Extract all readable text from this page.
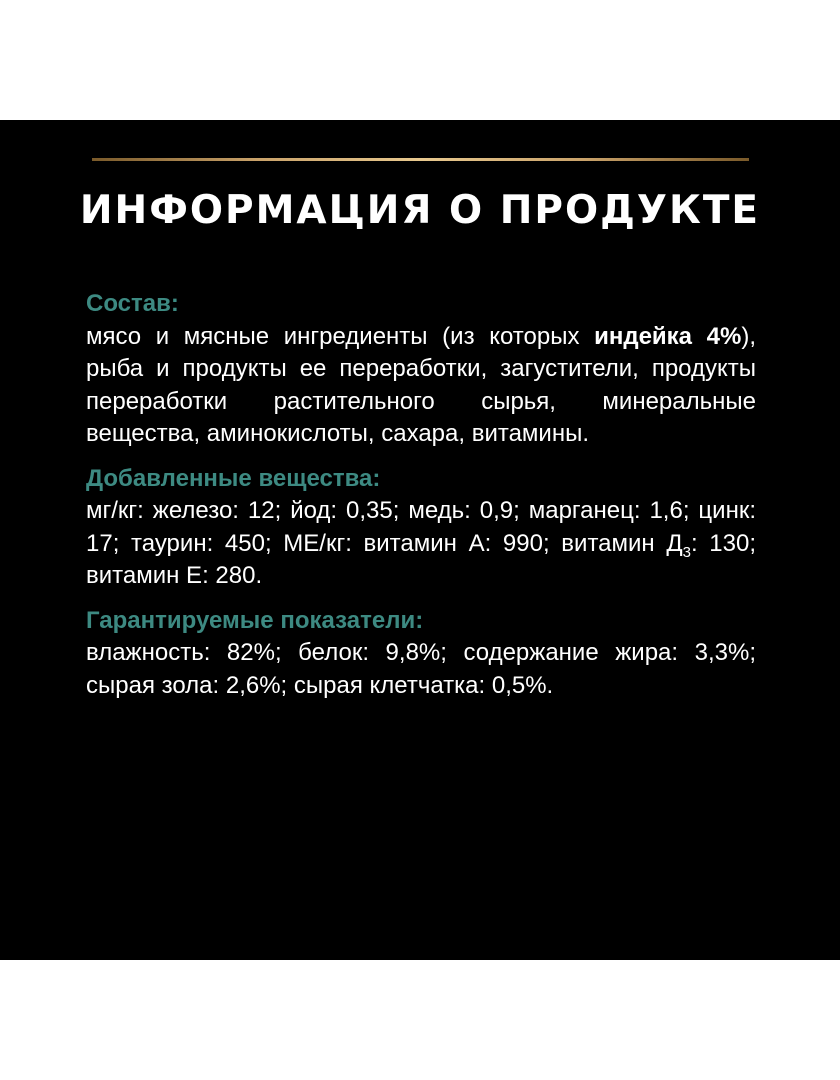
ИНФОРМАЦИЯ О ПРОДУКТЕ

Состав:

мясо и мясные ингредиенты (из которых индейка 4%), рыба и продукты ее переработки, загустители, продукты переработки растительного сырья, минеральные вещества, аминокислоты, сахара, витамины.

Добавленные вещества:

мг/кг: железо: 12; йод: 0,35; медь: 0,9; марганец: 1,6; цинк: 17; таурин: 450; МЕ/кг: витамин А: 990; витамин $Д_3$: 130; витамин Е: 280.

Гарантируемые показатели:

влажность: 82%; белок: 9,8%; содержание жира: 3,3%; сырая зола: 2,6%; сырая клетчатка: 0,5%.
